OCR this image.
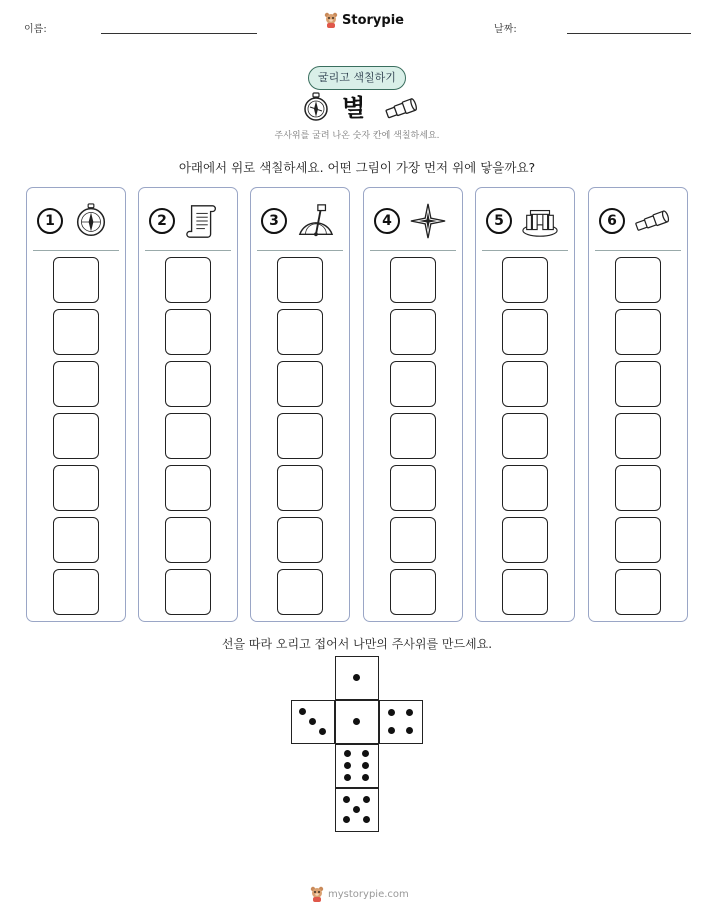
이름:
Storypie
날짜:
굴리고 색칠하기
별
주사위를 굴려 나온 숫자 칸에 색칠하세요.
아래에서 위로 색칠하세요. 어떤 그림이 가장 먼저 위에 닿을까요?
1	2	3	4	5	6
선을 따라 오리고 접어서 나만의 주사위를 만드세요.
mystorypie.com
